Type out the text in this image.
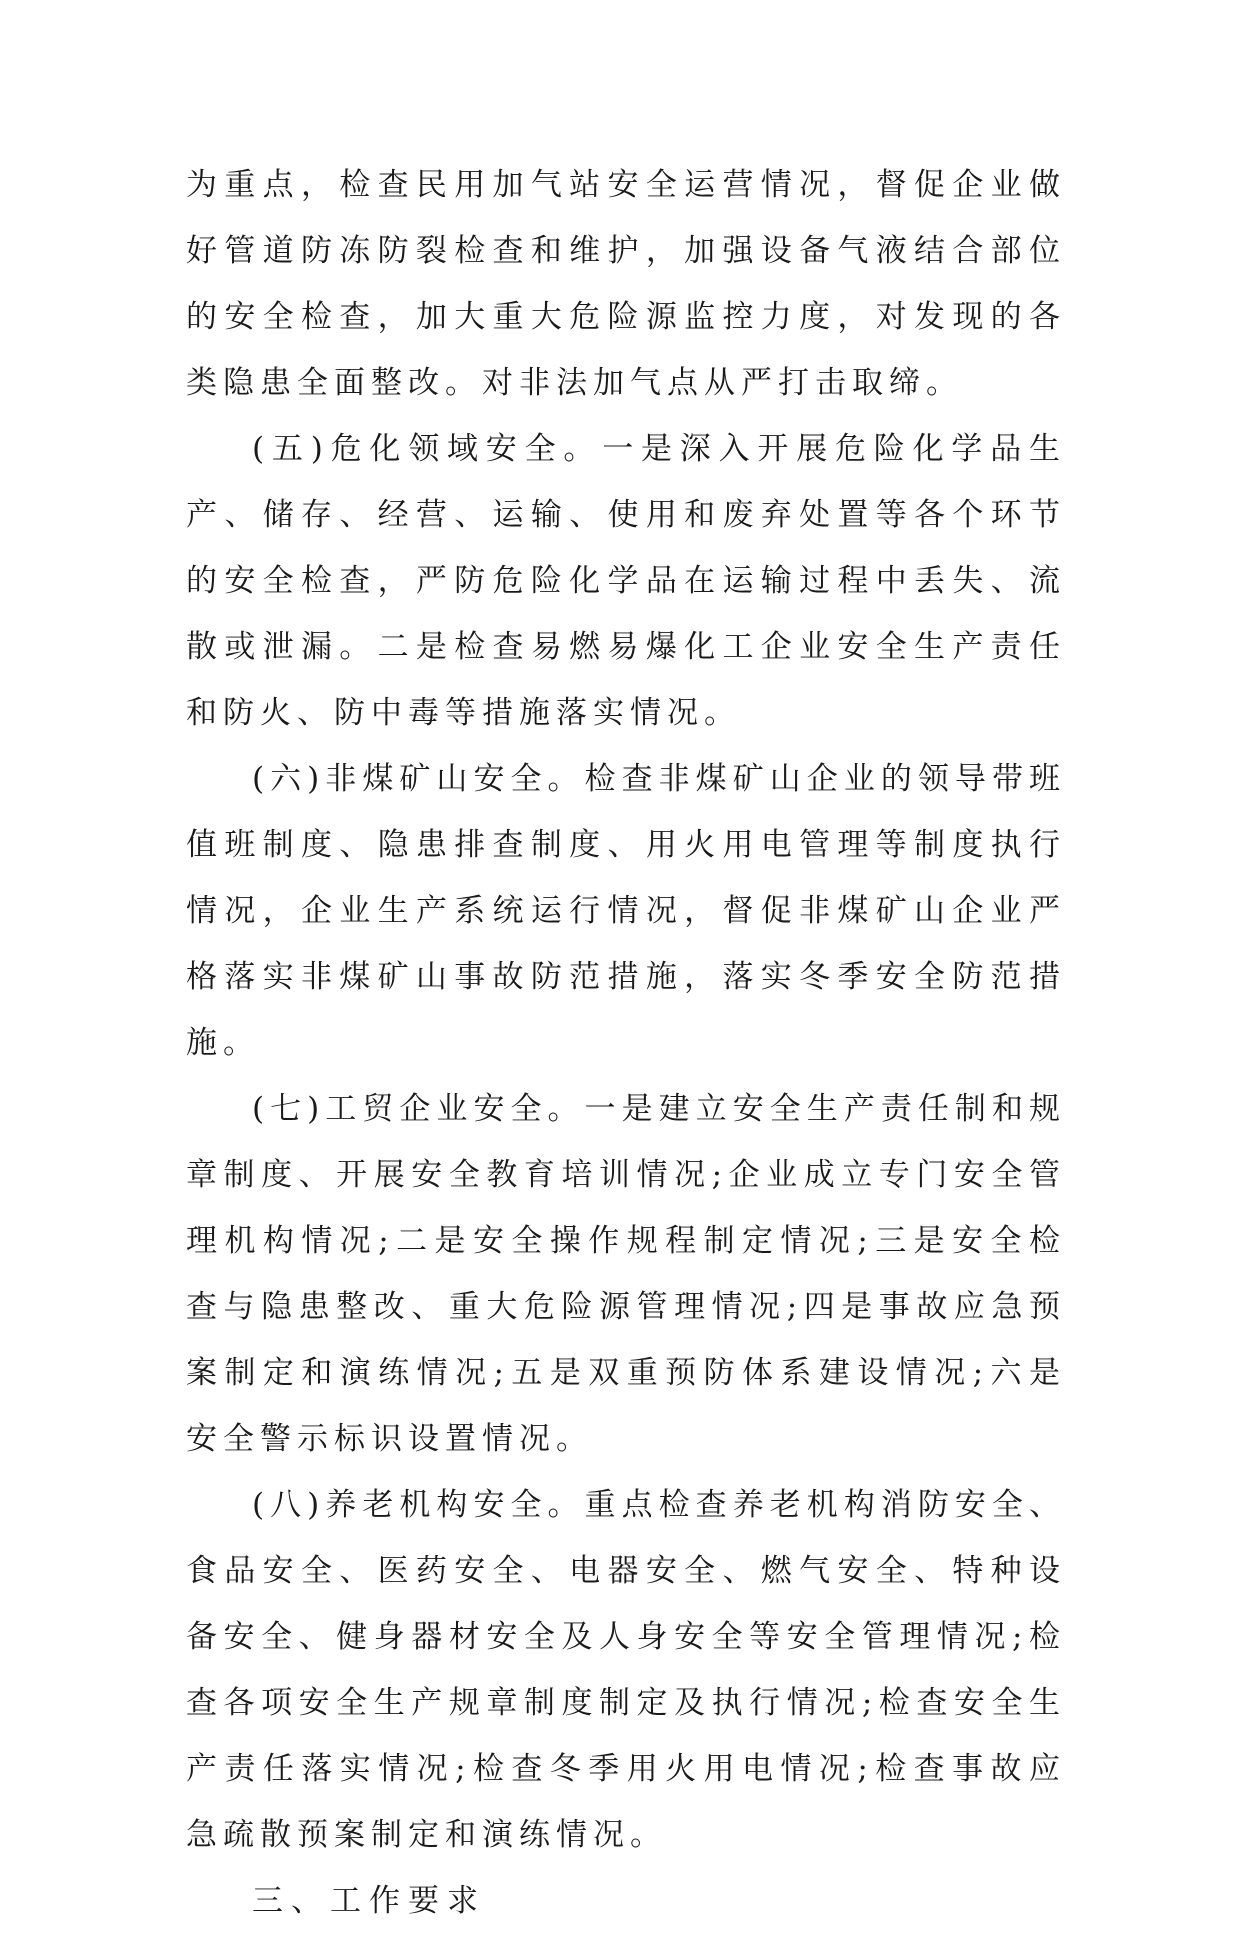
为重点，检查民用加气站安全运营情况，督促企业做好管道防冻防裂检查和维护，加强设备气液结合部位的安全检查，加大重大危险源监控力度，对发现的各类隐患全面整改。对非法加气点从严打击取缔。

(五)危化领域安全。一是深入开展危险化学品生产、储存、经营、运输、使用和废弃处置等各个环节的安全检查，严防危险化学品在运输过程中丢失、流散或泄漏。二是检查易燃易爆化工企业安全生产责任和防火、防中毒等措施落实情况。

(六)非煤矿山安全。检查非煤矿山企业的领导带班值班制度、隐患排查制度、用火用电管理等制度执行情况，企业生产系统运行情况，督促非煤矿山企业严格落实非煤矿山事故防范措施，落实冬季安全防范措施。

(七)工贸企业安全。一是建立安全生产责任制和规章制度、开展安全教育培训情况;企业成立专门安全管理机构情况;二是安全操作规程制定情况;三是安全检查与隐患整改、重大危险源管理情况;四是事故应急预案制定和演练情况;五是双重预防体系建设情况;六是安全警示标识设置情况。

(八)养老机构安全。重点检查养老机构消防安全、食品安全、医药安全、电器安全、燃气安全、特种设备安全、健身器材安全及人身安全等安全管理情况;检查各项安全生产规章制度制定及执行情况;检查安全生产责任落实情况;检查冬季用火用电情况;检查事故应急疏散预案制定和演练情况。

三、工作要求
